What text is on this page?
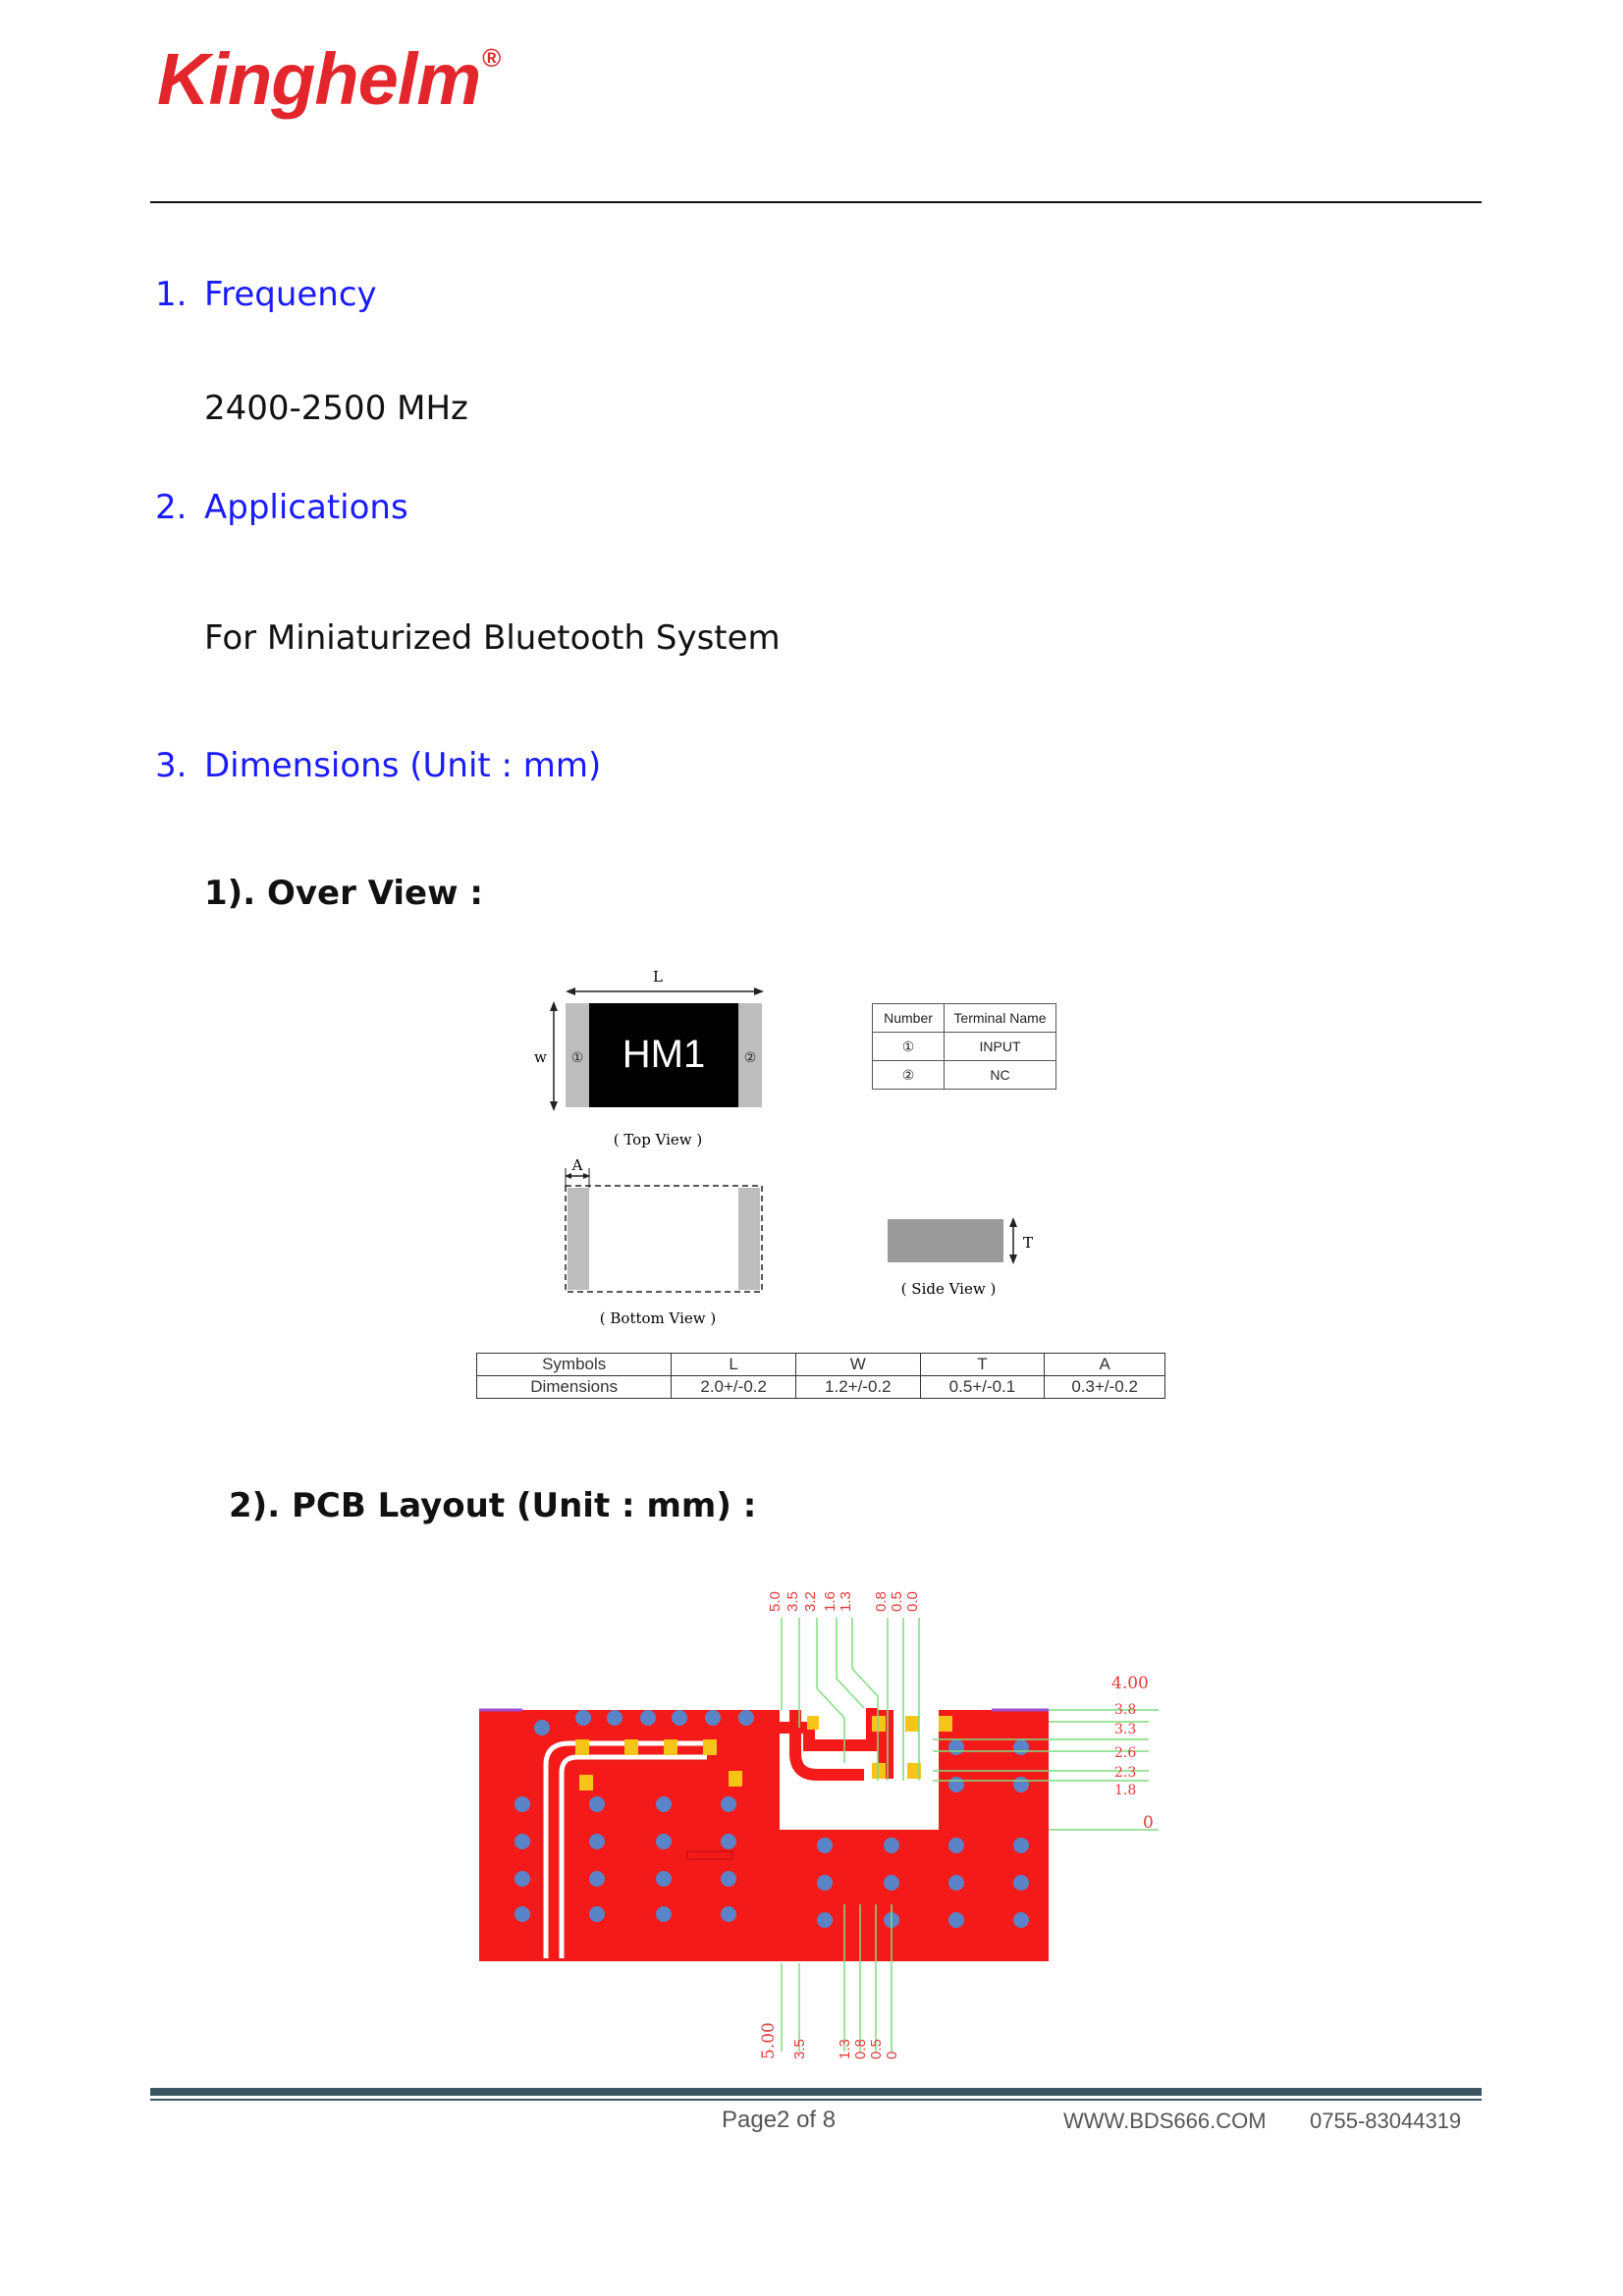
Kinghelm®
1. Frequency
2400-2500 MHz
2. Applications
For Miniaturized Bluetooth System
3. Dimensions (Unit : mm)
1). Over View :
L
w HM1
①	②
( Top View )
A
( Bottom View )
T
( Side View )
Number	Terminal Name
①	INPUT
②	NC
Symbols	L	W	T	A
Dimensions	2.0+/-0.2	1.2+/-0.2	0.5+/-0.1	0.3+/-0.2
2). PCB Layout (Unit : mm) :
5.0 3.5 3.2 1.6 1.3 0.8 0.5 0.0
4.00
3.8
3.3
2.6
2.3
1.8
0
5.00 3.5 1.3 0.8 0.5 0
Page2 of 8	WWW.BDS666.COM 0755-83044319
